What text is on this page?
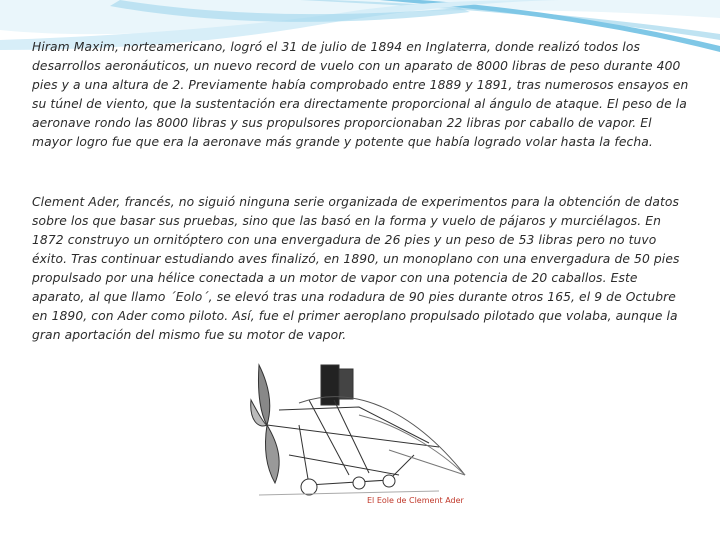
Hiram Maxim, norteamericano, logró el 31 de julio de 1894 en Inglaterra, donde realizó todos los desarrollos aeronáuticos, un nuevo record de vuelo con un aparato de 8000 libras de peso durante 400 pies y a una altura de 2. Previamente había comprobado entre 1889 y 1891, tras numerosos ensayos en su túnel de viento, que la sustentación era directamente proporcional al ángulo de ataque. El peso de la aeronave rondo las 8000 libras y sus propulsores proporcionaban 22 libras por caballo de vapor. El mayor logro fue que era la aeronave más grande y potente que había logrado volar hasta la fecha.
Clement Ader, francés, no siguió ninguna serie organizada de experimentos para la obtención de datos sobre los que basar sus pruebas, sino que las basó en la forma y vuelo de pájaros y murciélagos. En 1872 construyo un ornitóptero con una envergadura de 26 pies y un peso de 53 libras pero no tuvo éxito. Tras continuar estudiando aves finalizó, en 1890, un monoplano con una envergadura de 50 pies propulsado por una hélice conectada a un motor de vapor con una potencia de 20 caballos. Este aparato, al que llamo ´Eolo´, se elevó tras una rodadura de 90 pies durante otros 165, el 9 de Octubre en 1890, con Ader como piloto. Así, fue el primer aeroplano propulsado pilotado que volaba, aunque la gran aportación del mismo fue su motor de vapor.
El Eole de Clement Ader
